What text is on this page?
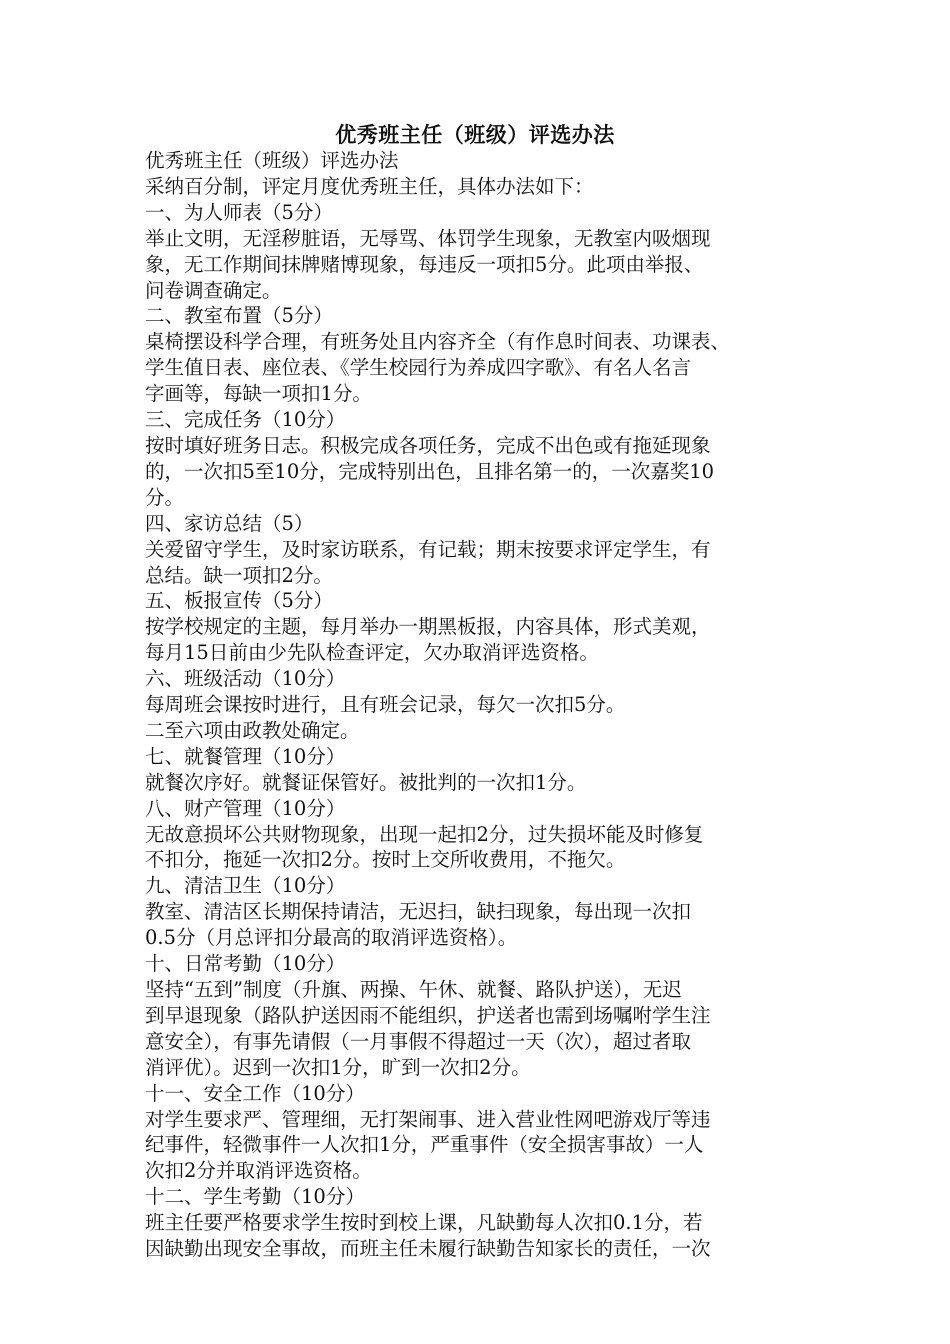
优秀班主任（班级）评选办法
优秀班主任（班级）评选办法
采纳百分制，评定月度优秀班主任，具体办法如下：
一、为人师表（5分）
举止文明，无淫秽脏语，无辱骂、体罚学生现象，无教室内吸烟现
象，无工作期间抹牌赌博现象，每违反一项扣5分。此项由举报、
问卷调查确定。
二、教室布置（5分）
桌椅摆设科学合理，有班务处且内容齐全（有作息时间表、功课表、
学生值日表、座位表、《学生校园行为养成四字歌》、有名人名言
字画等，每缺一项扣1分。
三、完成任务（10分）
按时填好班务日志。积极完成各项任务，完成不出色或有拖延现象
的，一次扣5至10分，完成特别出色，且排名第一的，一次嘉奖10
分。
四、家访总结（5）
关爱留守学生，及时家访联系，有记载；期末按要求评定学生，有
总结。缺一项扣2分。
五、板报宣传（5分）
按学校规定的主题，每月举办一期黑板报，内容具体，形式美观，
每月15日前由少先队检查评定，欠办取消评选资格。
六、班级活动（10分）
每周班会课按时进行，且有班会记录，每欠一次扣5分。
二至六项由政教处确定。
七、就餐管理（10分）
就餐次序好。就餐证保管好。被批判的一次扣1分。
八、财产管理（10分）
无故意损坏公共财物现象，出现一起扣2分，过失损坏能及时修复
不扣分，拖延一次扣2分。按时上交所收费用，不拖欠。
九、清洁卫生（10分）
教室、清洁区长期保持请洁，无迟扫，缺扫现象，每出现一次扣
0.5分（月总评扣分最高的取消评选资格）。
十、日常考勤（10分）
坚持“五到”制度（升旗、两操、午休、就餐、路队护送），无迟
到早退现象（路队护送因雨不能组织，护送者也需到场嘱咐学生注
意安全），有事先请假（一月事假不得超过一天（次），超过者取
消评优）。迟到一次扣1分，旷到一次扣2分。
十一、安全工作（10分）
对学生要求严、管理细，无打架闹事、进入营业性网吧游戏厅等违
纪事件，轻微事件一人次扣1分，严重事件（安全损害事故）一人
次扣2分并取消评选资格。
十二、学生考勤（10分）
班主任要严格要求学生按时到校上课，凡缺勤每人次扣0.1分，若
因缺勤出现安全事故，而班主任未履行缺勤告知家长的责任，一次
